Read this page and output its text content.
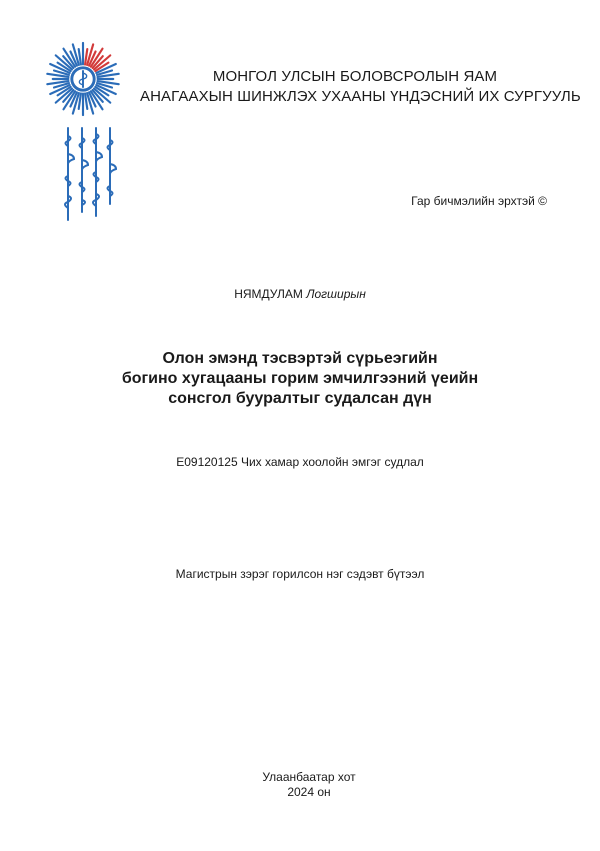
МОНГОЛ УЛСЫН БОЛОВСРОЛЫН ЯАМ
АНАГААХЫН ШИНЖЛЭХ УХААНЫ ҮНДЭСНИЙ ИХ СУРГУУЛЬ
Гар бичмэлийн эрхтэй ©
НЯМДУЛАМ Логширын
Олон эмэнд тэсвэртэй сүрьеэгийн
богино хугацааны горим эмчилгээний үеийн
сонсгол бууралтыг судалсан дүн
E09120125 Чих хамар хоолойн эмгэг судлал
Магистрын зэрэг горилсон нэг сэдэвт бүтээл
Улаанбаатар хот
2024 он
